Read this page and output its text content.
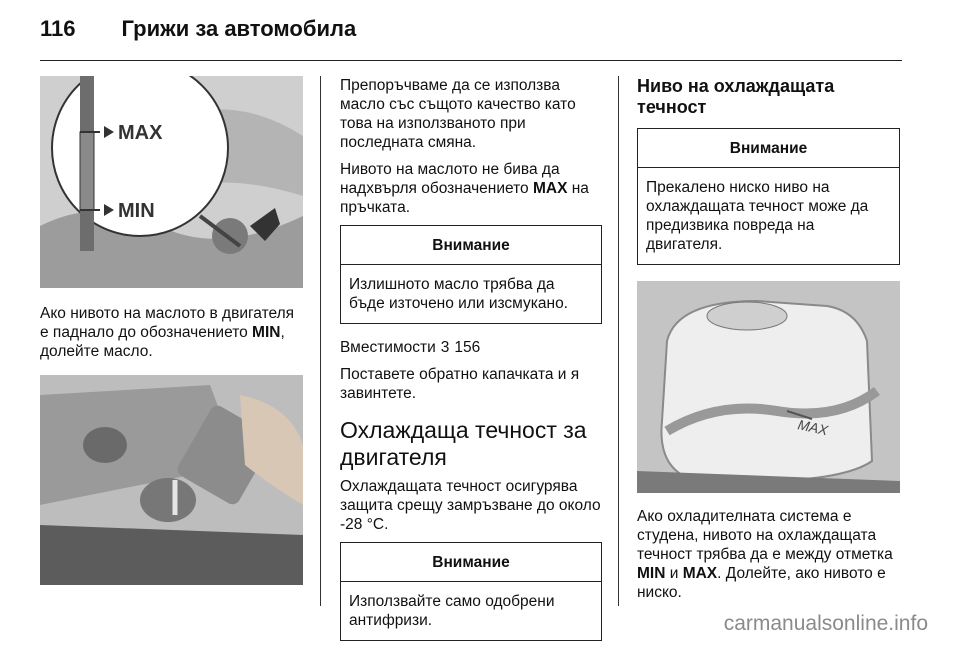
116 Грижи за автомобила
MAX
MIN

Ако нивото на маслото в двигателя е паднало до обозначението MIN, долейте масло.

Препоръчваме да се използва масло със същото качество като това на използваното при последната смяна.

Нивото на маслото не бива да надхвърля обозначението MAX на пръчката.

Внимание
Излишното масло трябва да бъде източено или изсмукано.

Вместимости 3 156

Поставете обратно капачката и я завинтете.

Охлаждаща течност за двигателя

Охлаждащата течност осигурява защита срещу замръзване до около -28 °C.

Внимание
Използвайте само одобрени антифризи.
Ниво на охлаждащата течност
Внимание
Прекалено ниско ниво на охлаждащата течност може да предизвика повреда на двигателя.
MAX

Ако охладителната система е студена, нивото на охлаждащата течност трябва да е между отметка MIN и MAX. Долейте, ако нивото е ниско.

carmanualsonline.info
